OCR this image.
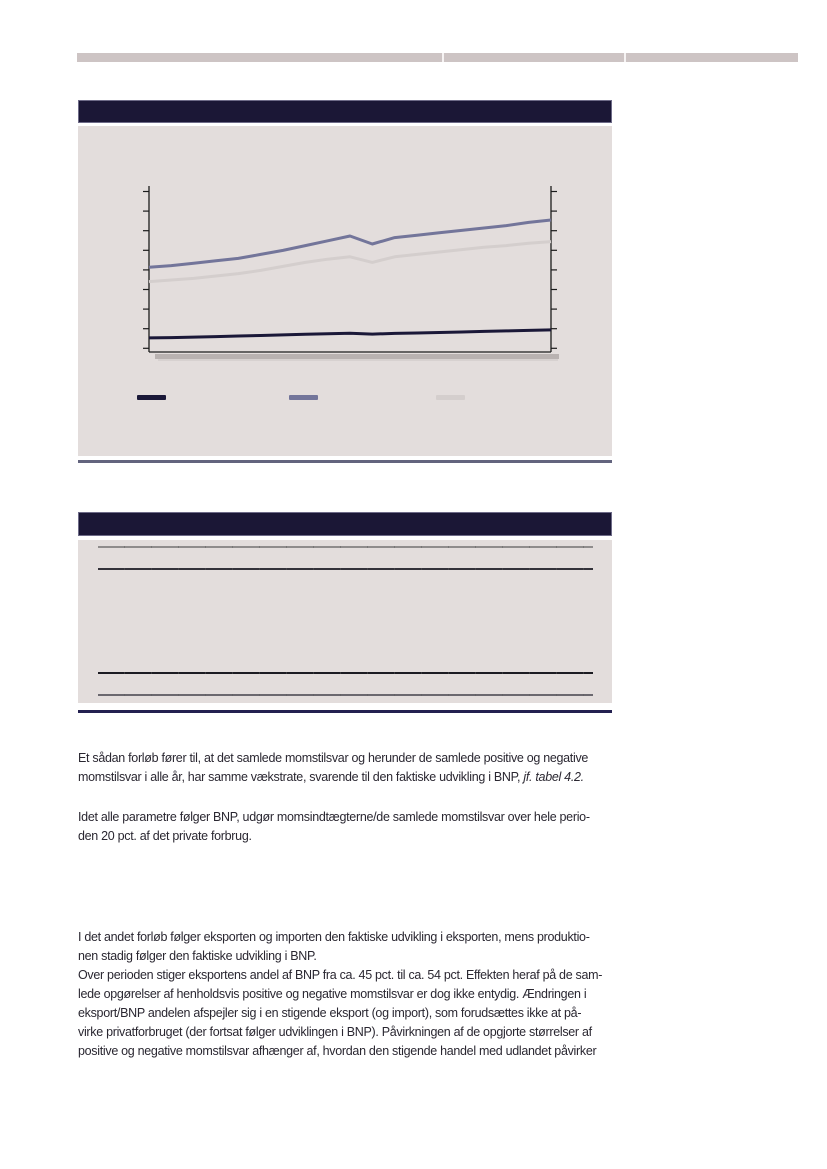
Et sådan forløb fører til, at det samlede momstilsvar og herunder de samlede positive og negative
momstilsvar i alle år, har samme vækstrate, svarende til den faktiske udvikling i BNP, jf. tabel 4.2.
Idet alle parametre følger BNP, udgør momsindtægterne/de samlede momstilsvar over hele perio-
den 20 pct. af det private forbrug.
I det andet forløb følger eksporten og importen den faktiske udvikling i eksporten, mens produktio-
nen stadig følger den faktiske udvikling i BNP.
Over perioden stiger eksportens andel af BNP fra ca. 45 pct. til ca. 54 pct. Effekten heraf på de sam-
lede opgørelser af henholdsvis positive og negative momstilsvar er dog ikke entydig. Ændringen i
eksport/BNP andelen afspejler sig i en stigende eksport (og import), som forudsættes ikke at på-
virke privatforbruget (der fortsat følger udviklingen i BNP). Påvirkningen af de opgjorte størrelser af
positive og negative momstilsvar afhænger af, hvordan den stigende handel med udlandet påvirker
